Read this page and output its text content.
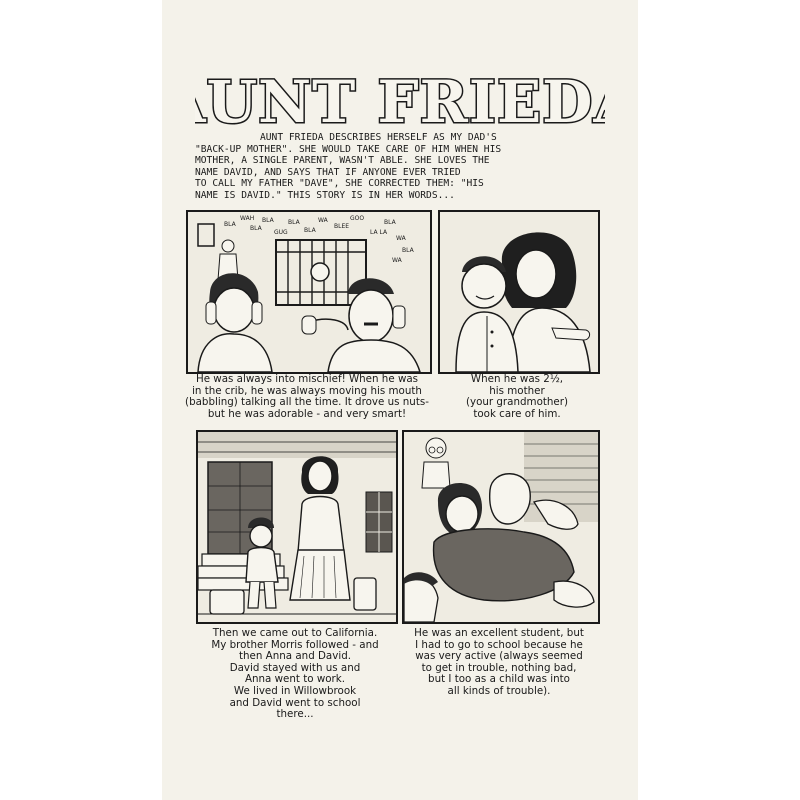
UNT FRIED

AUNT FRIEDA DESCRIBES HERSELF AS MY DAD'S

"BACK-UP MOTHER". SHE WOULD TAKE CARE OF HIM WHEN HIS
MOTHER, A SINGLE PARENT, WASN'T ABLE. SHE LOVES THE
NAME DAVID, AND SAYS THAT IF ANYONE EVER TRIED
TO CALL MY FATHER "DAVE", SHE CORRECTED THEM: "HIS
NAME IS DAVID." THIS STORY IS IN HER WORDS...
BLA
WAH
BLA
BLA
GUG
BLA
BLA
WA
BLEE
GOO
LA LA
BLA
WA
BLA
WA
He was always into mischief! When he was
in the crib, he was always moving his mouth
(babbling) talking all the time. It drove us nuts-
but he was adorable - and very smart!
When he was 2½,
his mother
(your grandmother)
took care of him.
Then we came out to California.
My brother Morris followed - and
then Anna and David.
David stayed with us and
Anna went to work.
We lived in Willowbrook
and David went to school
there...
He was an excellent student, but
I had to go to school because he
was very active (always seemed
to get in trouble, nothing bad,
but I too as a child was into
all kinds of trouble).
